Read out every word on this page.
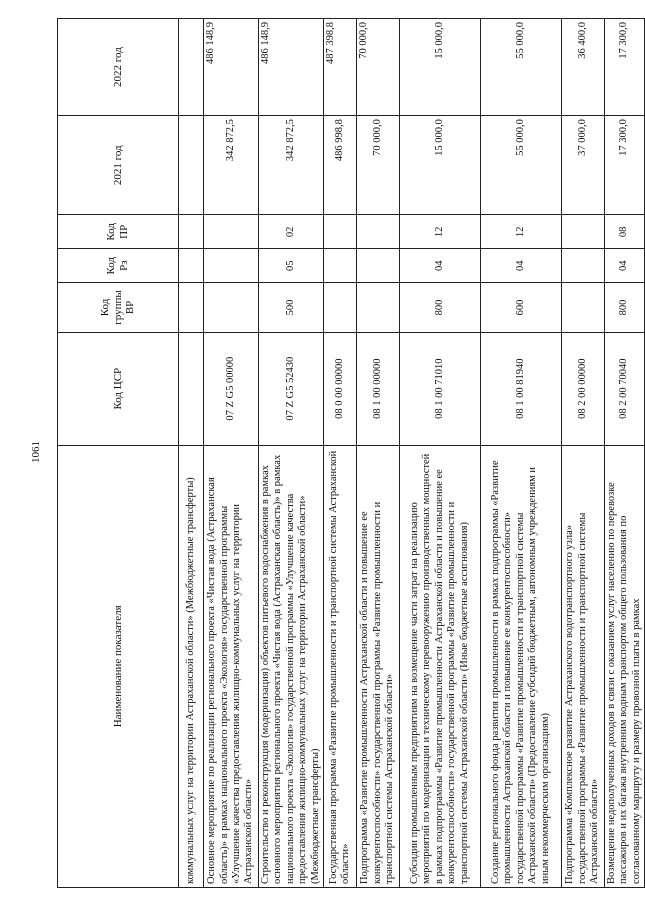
1061
Наименование показателя	Код ЦСР	Код группы ВР	Код Рз	Код ПР	2021 год	2022 год
коммунальных услуг на территории Астраханской области» (Межбюджетные трансферты)						
Основное мероприятие по реализации регионального проекта «Чистая вода (Астраханская область)» в рамках национального проекта «Экология» государственной программы «Улучшение качества предоставления жилищно-коммунальных услуг на территории Астраханской области»	07 Z G5 00000				342 872,5	486 148,9
Строительство и реконструкция (модернизация) объектов питьевого водоснабжения в рамках основного мероприятия регионального проекта «Чистая вода (Астраханская область)» в рамках национального проекта «Экология» государственной программы «Улучшение качества предоставления жилищно-коммунальных услуг на территории Астраханской области» (Межбюджетные трансферты)	07 Z G5 52430	500	05	02	342 872,5	486 148,9
Государственная программа «Развитие промышленности и транспортной системы Астраханской области»	08 0 00 00000				486 998,8	487 398,8
Подпрограмма «Развитие промышленности Астраханской области и повышение ее конкурентоспособности» государственной программы «Развитие промышленности и транспортной системы Астраханской области»	08 1 00 00000				70 000,0	70 000,0
Субсидии промышленным предприятиям на возмещение части затрат на реализацию мероприятий по модернизации и техническому перевооружению производственных мощностей в рамках подпрограммы «Развитие промышленности Астраханской области и повышение ее конкурентоспособности» государственной программы «Развитие промышленности и транспортной системы Астраханской области» (Иные бюджетные ассигнования)	08 1 00 71010	800	04	12	15 000,0	15 000,0
Создание регионального фонда развития промышленности в рамках подпрограммы «Развитие промышленности Астраханской области и повышение ее конкурентоспособности» государственной программы «Развитие промышленности и транспортной системы Астраханской области» (Предоставление субсидий бюджетным, автономным учреждениям и иным некоммерческим организациям)	08 1 00 81940	600	04	12	55 000,0	55 000,0
Подпрограмма «Комплексное развитие Астраханского водотранспортного узла» государственной программы «Развитие промышленности и транспортной системы Астраханской области»	08 2 00 00000				37 000,0	36 400,0
Возмещение недополученных доходов в связи с оказанием услуг населению по перевозке пассажиров и их багажа внутренним водным транспортом общего пользования по согласованному маршруту и размеру провозной платы в рамках	08 2 00 70040	800	04	08	17 300,0	17 300,0
